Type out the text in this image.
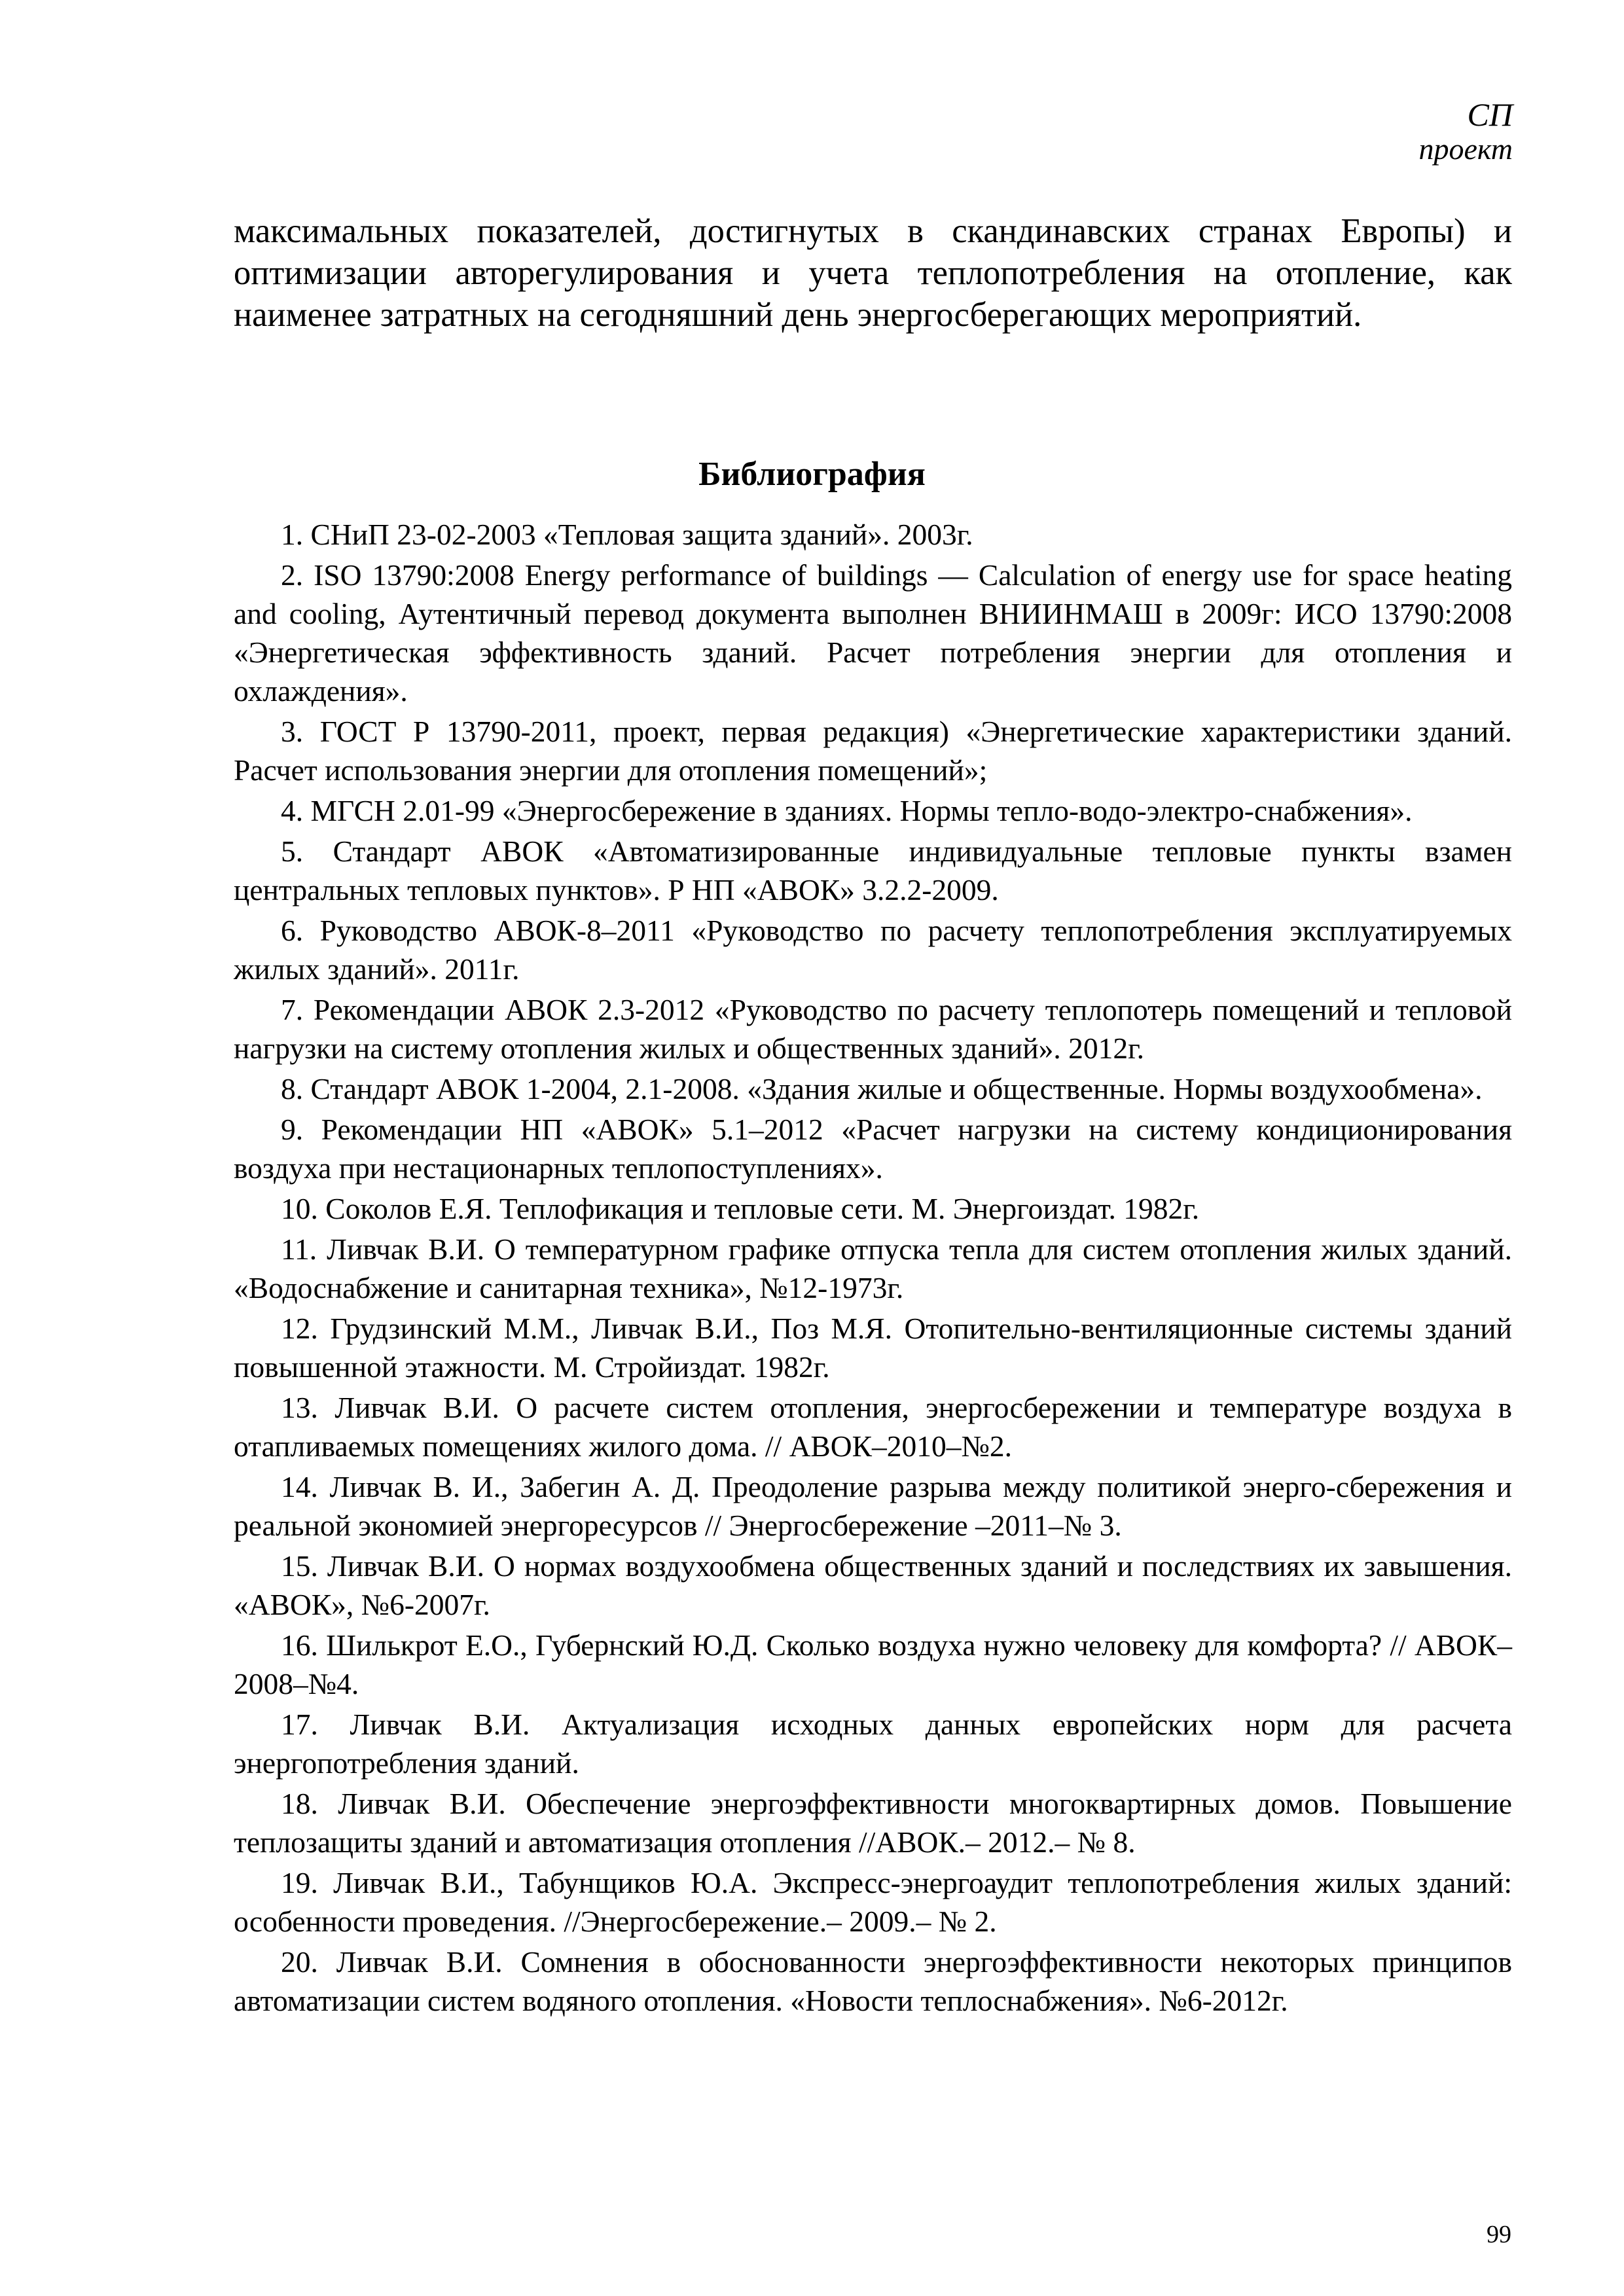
СП
проект

максимальных показателей, достигнутых в скандинавских странах Европы) и оптимизации авторегулирования и учета теплопотребления на отопление, как наименее затратных на сегодняшний день энергосберегающих мероприятий.

Библиография
1. СНиП 23-02-2003 «Тепловая защита зданий». 2003г.
2. ISO 13790:2008 Energy performance of buildings — Calculation of energy use for space heating and cooling, Аутентичный перевод документа выполнен ВНИИНМАШ в 2009г: ИСО 13790:2008 «Энергетическая эффективность зданий. Расчет потребления энергии для отопления и охлаждения».
3. ГОСТ Р 13790-2011, проект, первая редакция) «Энергетические характеристики зданий. Расчет использования энергии для отопления помещений»;
4. МГСН 2.01-99 «Энергосбережение в зданиях. Нормы тепло-водо-электро-снабжения».
5. Стандарт АВОК «Автоматизированные индивидуальные тепловые пункты взамен центральных тепловых пунктов». Р НП «АВОК» 3.2.2-2009.
6. Руководство АВОК-8–2011 «Руководство по расчету теплопотребления эксплуатируемых жилых зданий». 2011г.
7. Рекомендации АВОК 2.3-2012 «Руководство по расчету теплопотерь помещений и тепловой нагрузки на систему отопления жилых и общественных зданий». 2012г.
8. Стандарт АВОК 1-2004, 2.1-2008. «Здания жилые и общественные. Нормы воздухообмена».
9. Рекомендации НП «АВОК» 5.1–2012 «Расчет нагрузки на систему кондиционирования воздуха при нестационарных теплопоступлениях».
10. Соколов Е.Я. Теплофикация и тепловые сети. М. Энергоиздат. 1982г.
11. Ливчак В.И. О температурном графике отпуска тепла для систем отопления жилых зданий. «Водоснабжение и санитарная техника», №12-1973г.
12. Грудзинский М.М., Ливчак В.И., Поз М.Я. Отопительно-вентиляционные системы зданий повышенной этажности. М. Стройиздат. 1982г.
13. Ливчак В.И. О расчете систем отопления, энергосбережении и температуре воздуха в отапливаемых помещениях жилого дома. // АВОК–2010–№2.
14. Ливчак В. И., Забегин А. Д. Преодоление разрыва между политикой энерго-сбережения и реальной экономией энергоресурсов // Энергосбережение –2011–№ 3.
15. Ливчак В.И. О нормах воздухообмена общественных зданий и последствиях их завышения. «АВОК», №6-2007г.
16. Шилькрот Е.О., Губернский Ю.Д. Сколько воздуха нужно человеку для комфорта? // АВОК–2008–№4.
17. Ливчак В.И. Актуализация исходных данных европейских норм для расчета энергопотребления зданий.
18. Ливчак В.И. Обеспечение энергоэффективности многоквартирных домов. Повышение теплозащиты зданий и автоматизация отопления //АВОК.– 2012.– № 8.
19. Ливчак В.И., Табунщиков Ю.А. Экспресс-энергоаудит теплопотребления жилых зданий: особенности проведения. //Энергосбережение.– 2009.– № 2.
20. Ливчак В.И. Сомнения в обоснованности энергоэффективности некоторых принципов автоматизации систем водяного отопления. «Новости теплоснабжения». №6-2012г.
99
